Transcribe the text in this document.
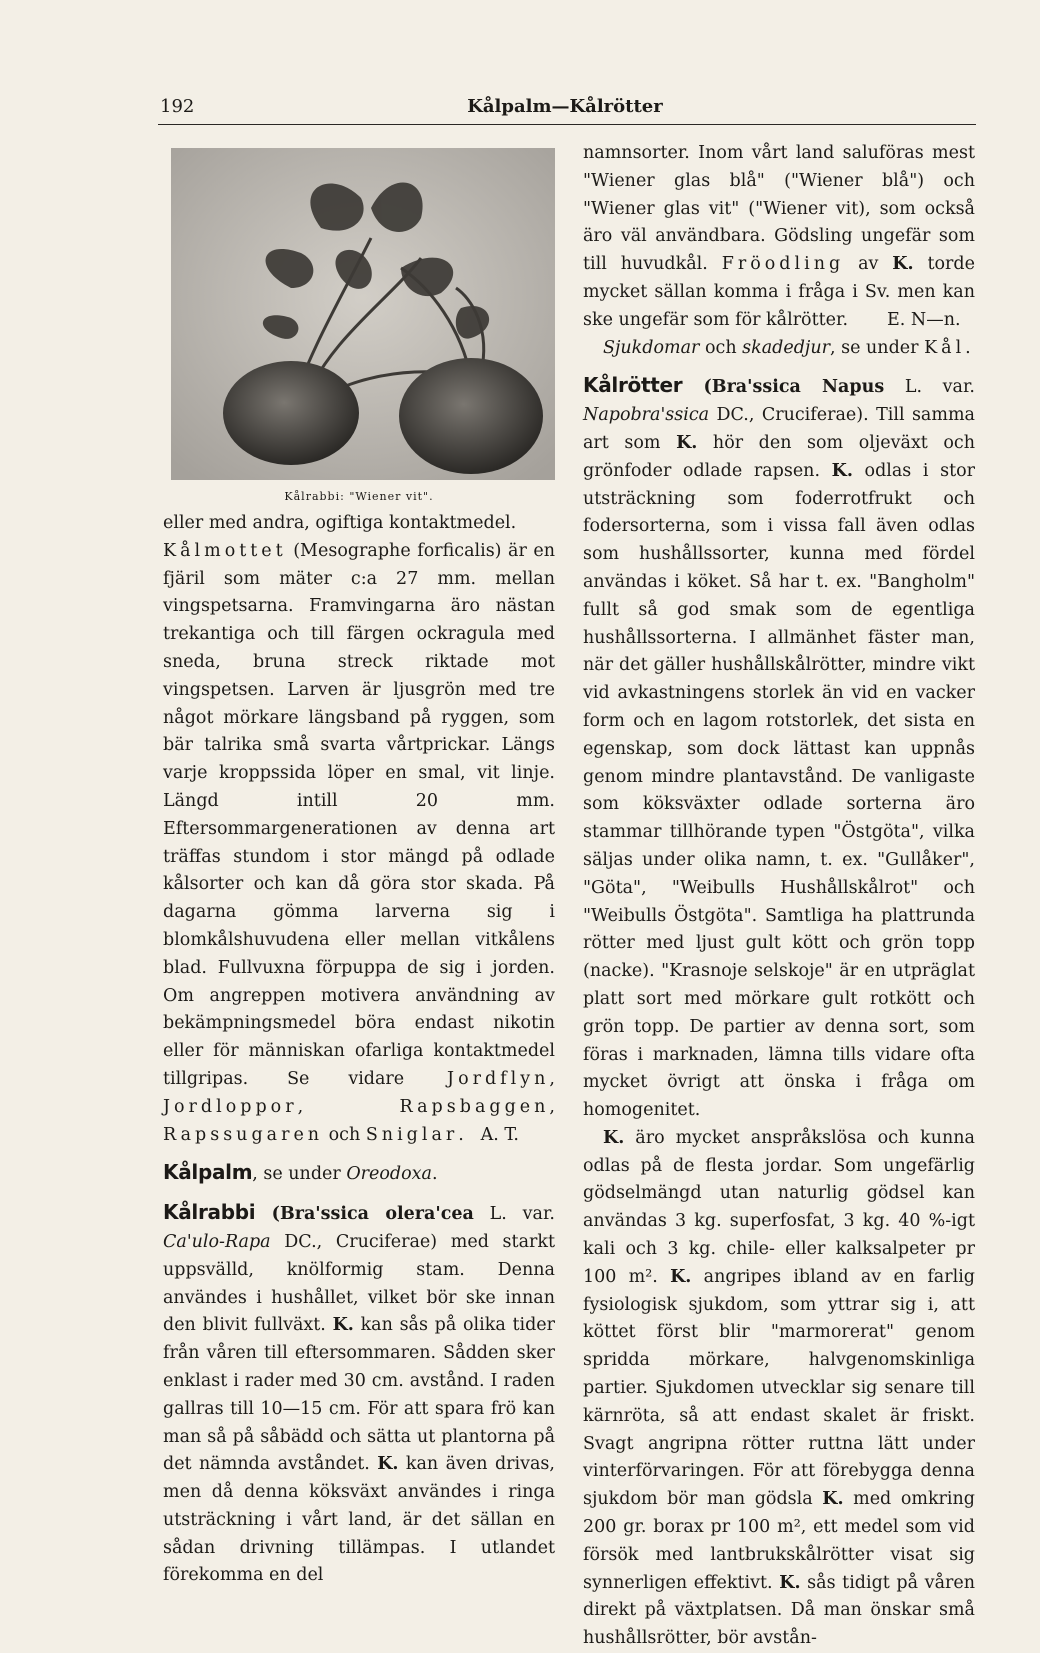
192	Kålpalm—Kålrötter
Kålrabbi: "Wiener vit".

eller med andra, ogiftiga kontaktmedel.

Kålmottet (Mesographe forficalis) är en fjäril som mäter c:a 27 mm. mellan vingspetsarna. Framvingarna äro nästan trekantiga och till färgen ockragula med sneda, bruna streck riktade mot vingspetsen. Larven är ljusgrön med tre något mörkare längsband på ryggen, som bär talrika små svarta vårtprickar. Längs varje kroppssida löper en smal, vit linje. Längd intill 20 mm. Eftersommargenerationen av denna art träffas stundom i stor mängd på odlade kålsorter och kan då göra stor skada. På dagarna gömma larverna sig i blomkålshuvudena eller mellan vitkålens blad. Fullvuxna förpuppa de sig i jorden. Om angreppen motivera användning av bekämpningsmedel böra endast nikotin eller för människan ofarliga kontaktmedel tillgripas. Se vidare Jordflyn, Jordloppor, Rapsbaggen, Rapssugaren och Sniglar. A. T.

Kålpalm, se under Oreodoxa.

Kålrabbi (Bra'ssica olera'cea L. var. Ca'ulo-Rapa DC., Cruciferae) med starkt uppsvälld, knölformig stam. Denna användes i hushållet, vilket bör ske innan den blivit fullväxt. K. kan sås på olika tider från våren till eftersommaren. Sådden sker enklast i rader med 30 cm. avstånd. I raden gallras till 10—15 cm. För att spara frö kan man så på såbädd och sätta ut plantorna på det nämnda avståndet. K. kan även drivas, men då denna köksväxt användes i ringa utsträckning i vårt land, är det sällan en sådan drivning tillämpas. I utlandet förekomma en del

namnsorter. Inom vårt land saluföras mest "Wiener glas blå" ("Wiener blå") och "Wiener glas vit" ("Wiener vit), som också äro väl användbara. Gödsling ungefär som till huvudkål. Fröodling av K. torde mycket sällan komma i fråga i Sv. men kan ske ungefär som för kålrötter. E. N—n.

Sjukdomar och skadedjur, se under Kål.

Kålrötter (Bra'ssica Napus L. var. Napobra'ssica DC., Cruciferae). Till samma art som K. hör den som oljeväxt och grönfoder odlade rapsen. K. odlas i stor utsträckning som foderrotfrukt och fodersorterna, som i vissa fall även odlas som hushållssorter, kunna med fördel användas i köket. Så har t. ex. "Bangholm" fullt så god smak som de egentliga hushållssorterna. I allmänhet fäster man, när det gäller hushållskålrötter, mindre vikt vid avkastningens storlek än vid en vacker form och en lagom rotstorlek, det sista en egenskap, som dock lättast kan uppnås genom mindre plantavstånd. De vanligaste som köksväxter odlade sorterna äro stammar tillhörande typen "Östgöta", vilka säljas under olika namn, t. ex. "Gullåker", "Göta", "Weibulls Hushållskålrot" och "Weibulls Östgöta". Samtliga ha plattrunda rötter med ljust gult kött och grön topp (nacke). "Krasnoje selskoje" är en utpräglat platt sort med mörkare gult rotkött och grön topp. De partier av denna sort, som föras i marknaden, lämna tills vidare ofta mycket övrigt att önska i fråga om homogenitet.

K. äro mycket anspråkslösa och kunna odlas på de flesta jordar. Som ungefärlig gödselmängd utan naturlig gödsel kan användas 3 kg. superfosfat, 3 kg. 40 %-igt kali och 3 kg. chile- eller kalksalpeter pr 100 m². K. angripes ibland av en farlig fysiologisk sjukdom, som yttrar sig i, att köttet först blir "marmorerat" genom spridda mörkare, halvgenomskinliga partier. Sjukdomen utvecklar sig senare till kärnröta, så att endast skalet är friskt. Svagt angripna rötter ruttna lätt under vinterförvaringen. För att förebygga denna sjukdom bör man gödsla K. med omkring 200 gr. borax pr 100 m², ett medel som vid försök med lantbrukskålrötter visat sig synnerligen effektivt. K. sås tidigt på våren direkt på växtplatsen. Då man önskar små hushållsrötter, bör avstån-
